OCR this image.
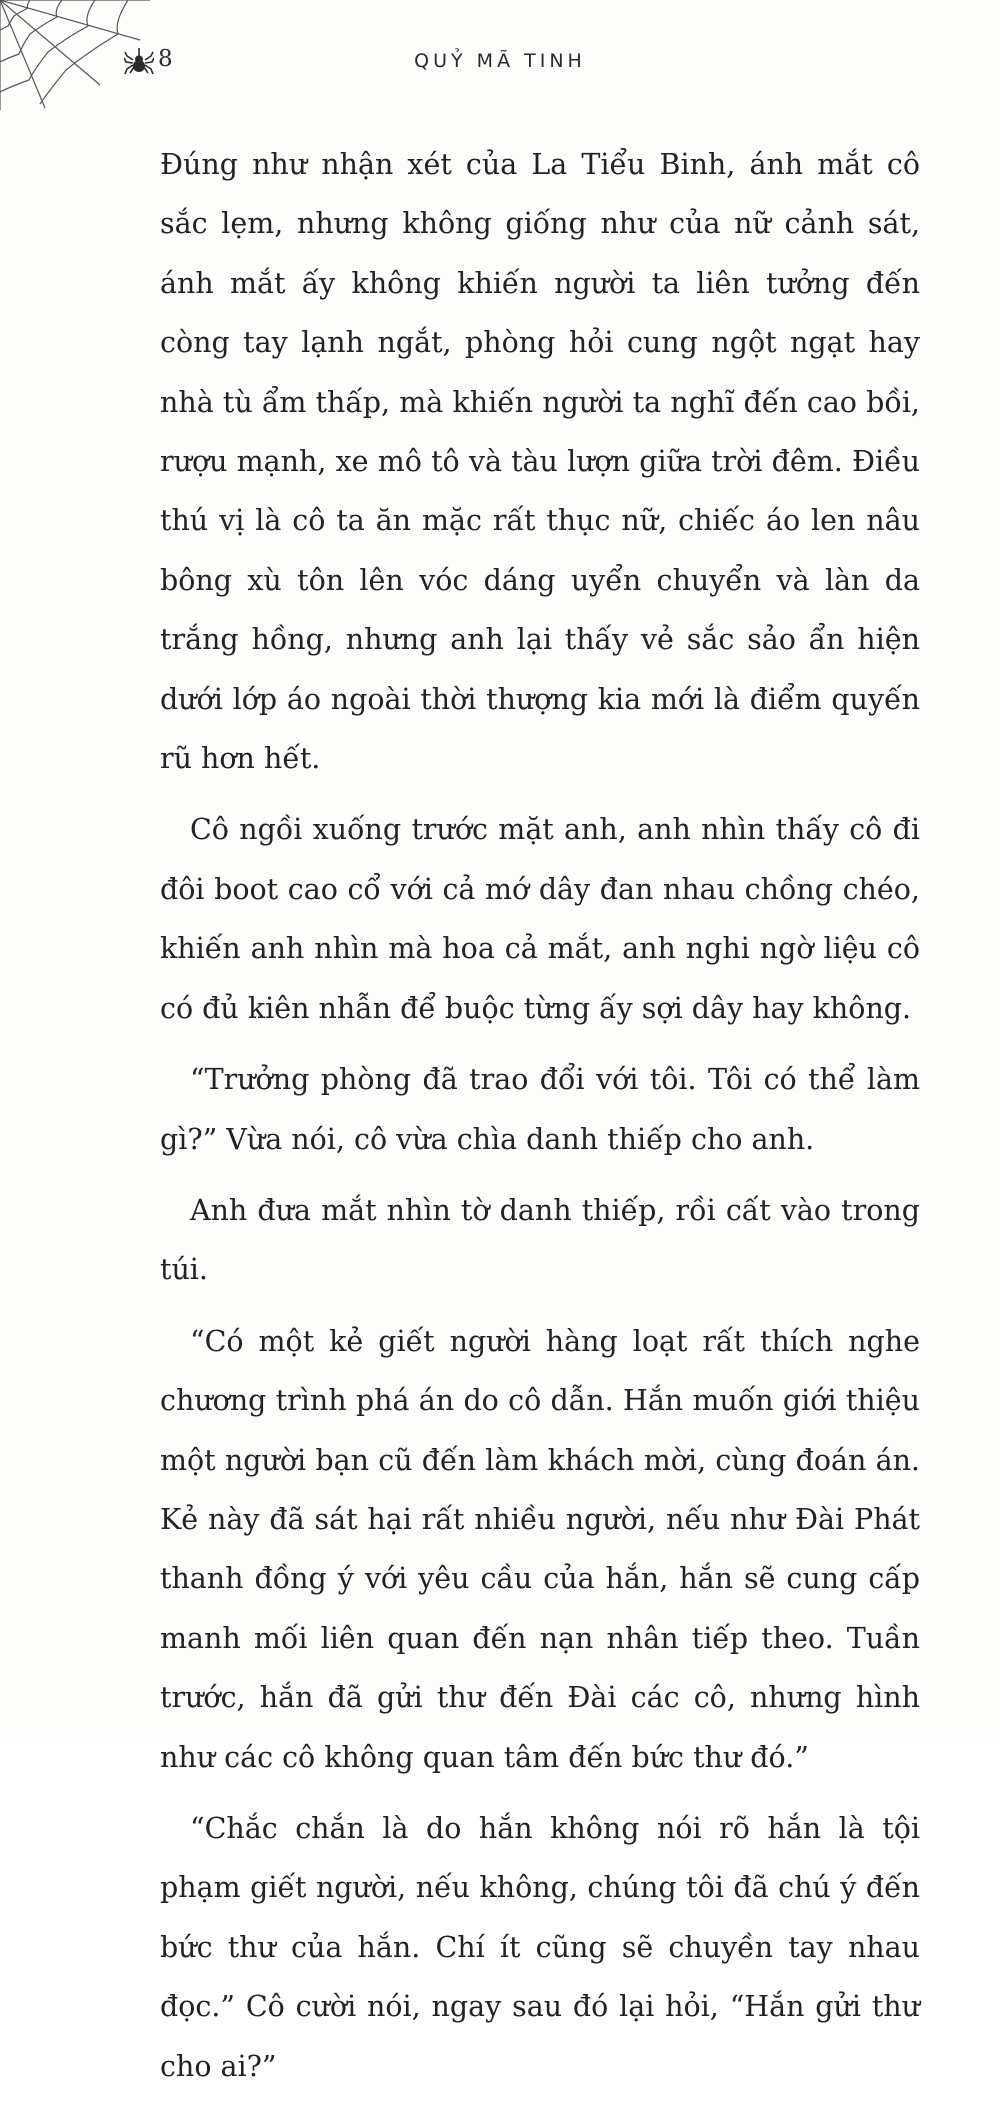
8	QUỶ MÃ TINH

Đúng như nhận xét của La Tiểu Binh, ánh mắt cô sắc lẹm, nhưng không giống như của nữ cảnh sát, ánh mắt ấy không khiến người ta liên tưởng đến còng tay lạnh ngắt, phòng hỏi cung ngột ngạt hay nhà tù ẩm thấp, mà khiến người ta nghĩ đến cao bồi, rượu mạnh, xe mô tô và tàu lượn giữa trời đêm. Điều thú vị là cô ta ăn mặc rất thục nữ, chiếc áo len nâu bông xù tôn lên vóc dáng uyển chuyển và làn da trắng hồng, nhưng anh lại thấy vẻ sắc sảo ẩn hiện dưới lớp áo ngoài thời thượng kia mới là điểm quyến rũ hơn hết.

Cô ngồi xuống trước mặt anh, anh nhìn thấy cô đi đôi boot cao cổ với cả mớ dây đan nhau chồng chéo, khiến anh nhìn mà hoa cả mắt, anh nghi ngờ liệu cô có đủ kiên nhẫn để buộc từng ấy sợi dây hay không.

“Trưởng phòng đã trao đổi với tôi. Tôi có thể làm gì?” Vừa nói, cô vừa chìa danh thiếp cho anh.

Anh đưa mắt nhìn tờ danh thiếp, rồi cất vào trong túi.

“Có một kẻ giết người hàng loạt rất thích nghe chương trình phá án do cô dẫn. Hắn muốn giới thiệu một người bạn cũ đến làm khách mời, cùng đoán án. Kẻ này đã sát hại rất nhiều người, nếu như Đài Phát thanh đồng ý với yêu cầu của hắn, hắn sẽ cung cấp manh mối liên quan đến nạn nhân tiếp theo. Tuần trước, hắn đã gửi thư đến Đài các cô, nhưng hình như các cô không quan tâm đến bức thư đó.”

“Chắc chắn là do hắn không nói rõ hắn là tội phạm giết người, nếu không, chúng tôi đã chú ý đến bức thư của hắn. Chí ít cũng sẽ chuyền tay nhau đọc.” Cô cười nói, ngay sau đó lại hỏi, “Hắn gửi thư cho ai?”
